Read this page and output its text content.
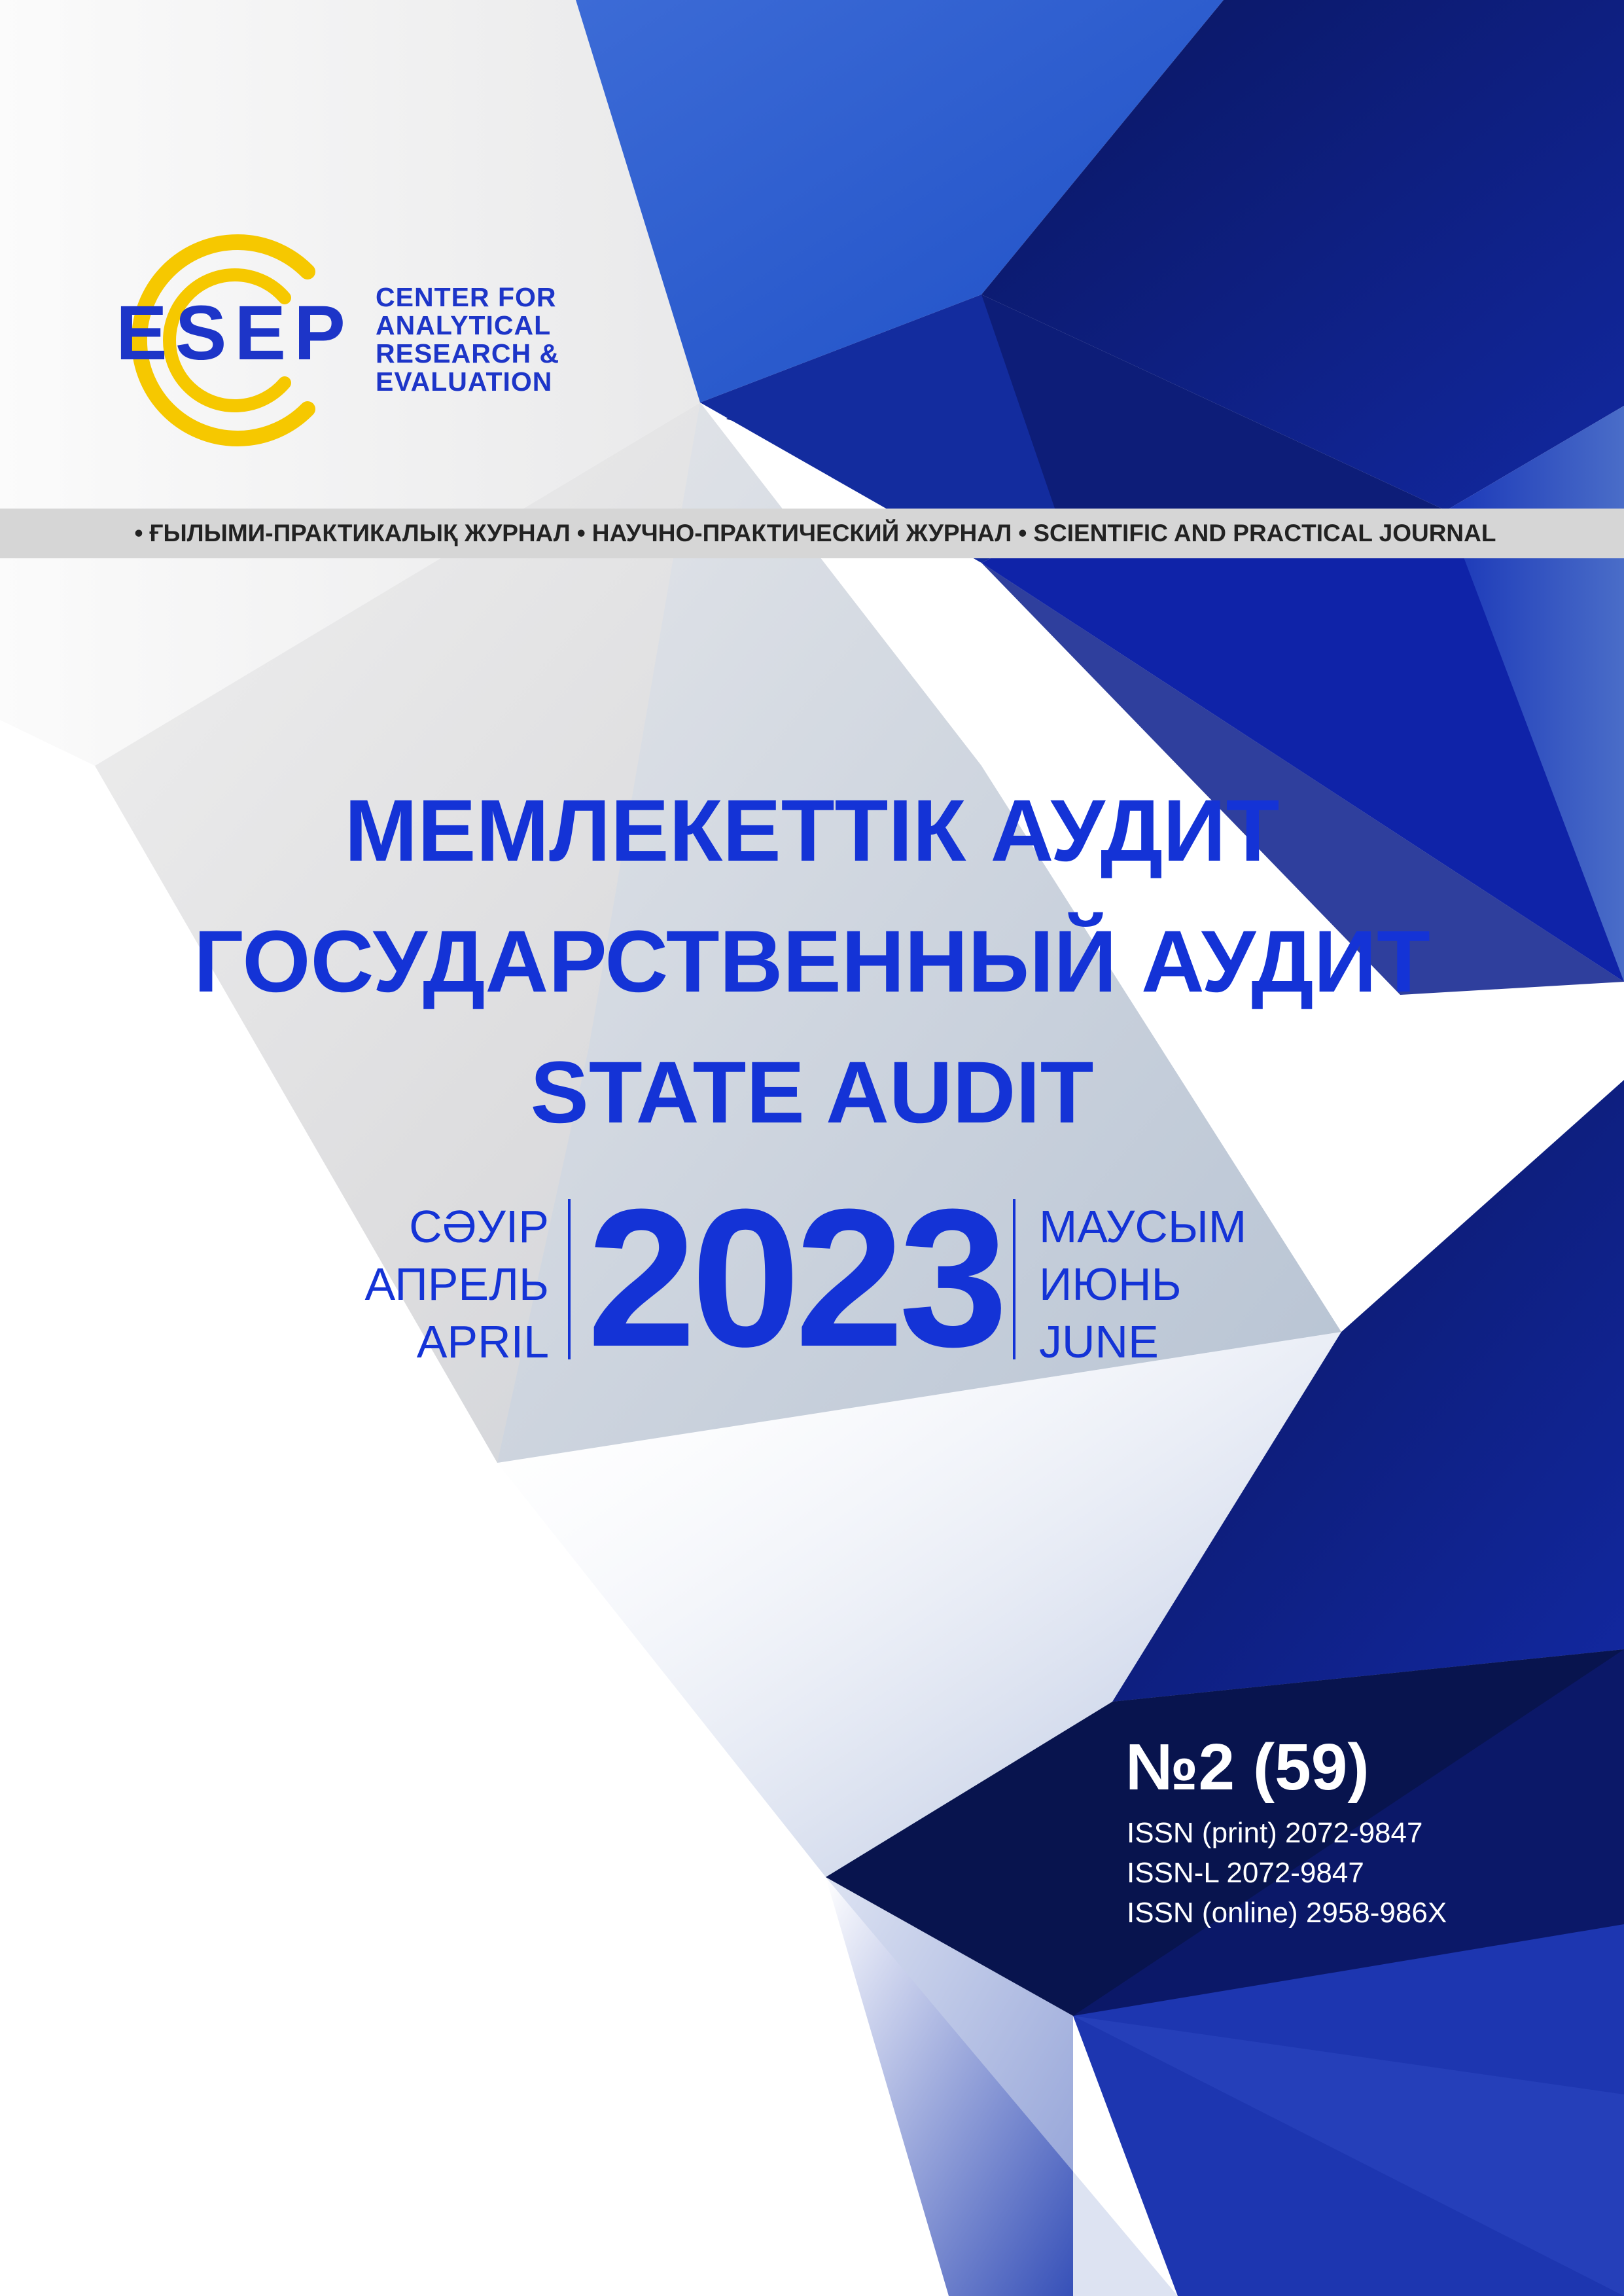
ESEP CENTER FOR
ANALYTICAL
RESEARCH &
EVALUATION
• ҒЫЛЫМИ-ПРАКТИКАЛЫҚ ЖУРНАЛ • НАУЧНО-ПРАКТИЧЕСКИЙ ЖУРНАЛ • SCIENTIFIC AND PRACTICAL JOURNAL
МЕМЛЕКЕТТІК АУДИТ
ГОСУДАРСТВЕННЫЙ АУДИТ
STATE AUDIT
СӘУІР
АПРЕЛЬ
APRIL 2023 МАУСЫМ
ИЮНЬ
JUNE
№2 (59)
ISSN (print) 2072-9847
ISSN-L 2072-9847
ISSN (online) 2958-986X
